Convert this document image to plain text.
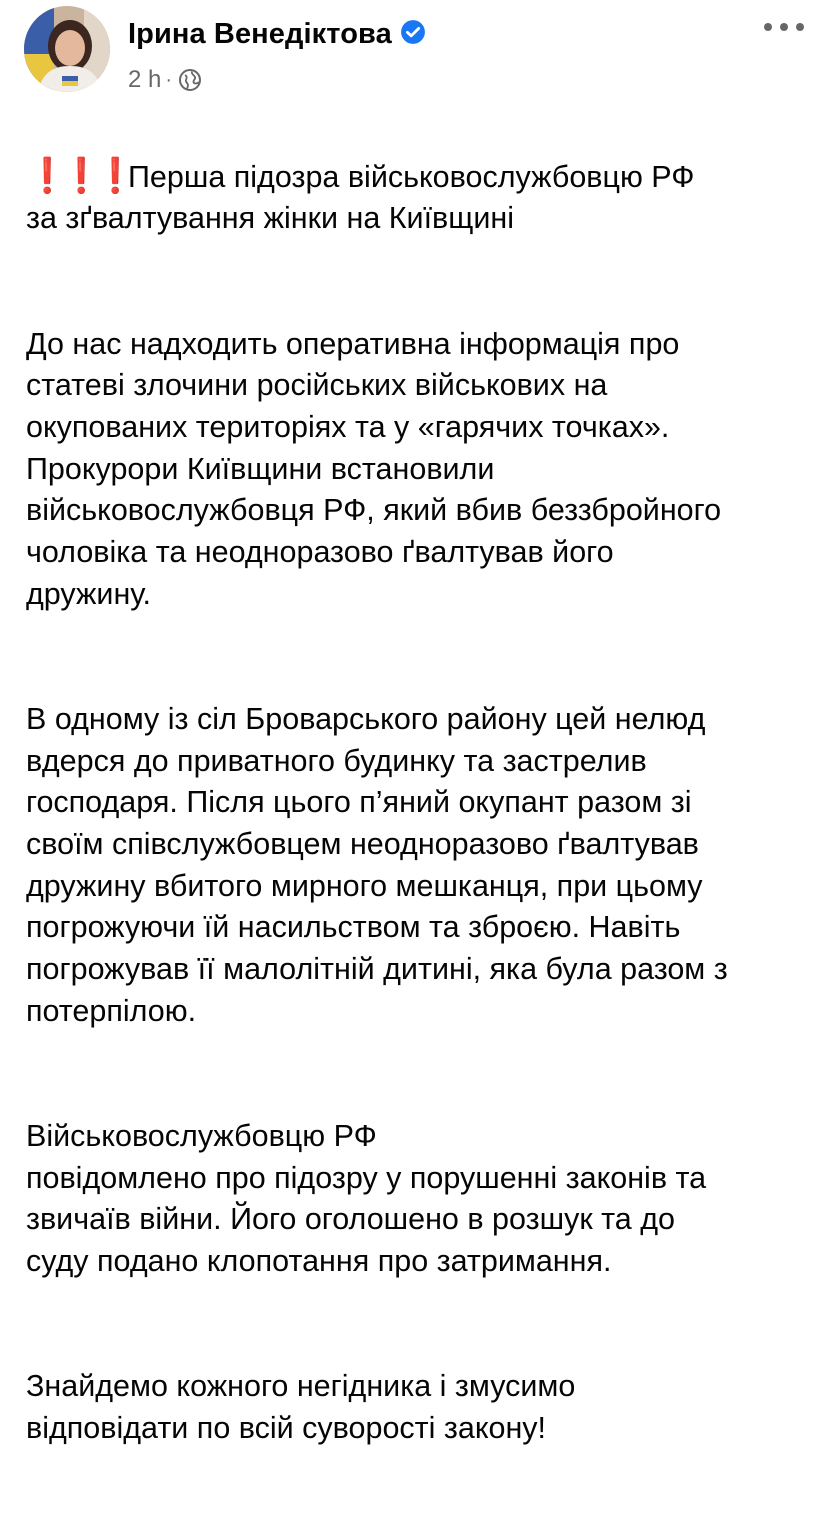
Ірина Венедіктова
2 h ·

❗❗❗Перша підозра військовослужбовцю РФ
за зґвалтування жінки на Київщині

До нас надходить оперативна інформація про
статеві злочини російських військових на
окупованих територіях та у «гарячих точках».
Прокурори Київщини встановили
військовослужбовця РФ, який вбив беззбройного
чоловіка та неодноразово ґвалтував його
дружину.

В одному із сіл Броварського району цей нелюд
вдерся до приватного будинку та застрелив
господаря. Після цього п’яний окупант разом зі
своїм співслужбовцем неодноразово ґвалтував
дружину вбитого мирного мешканця, при цьому
погрожуючи їй насильством та зброєю. Навіть
погрожував її малолітній дитині, яка була разом з
потерпілою.

Військовослужбовцю РФ
повідомлено про підозру у порушенні законів та
звичаїв війни. Його оголошено в розшук та до
суду подано клопотання про затримання.

Знайдемо кожного негідника і змусимо
відповідати по всій суворості закону!
